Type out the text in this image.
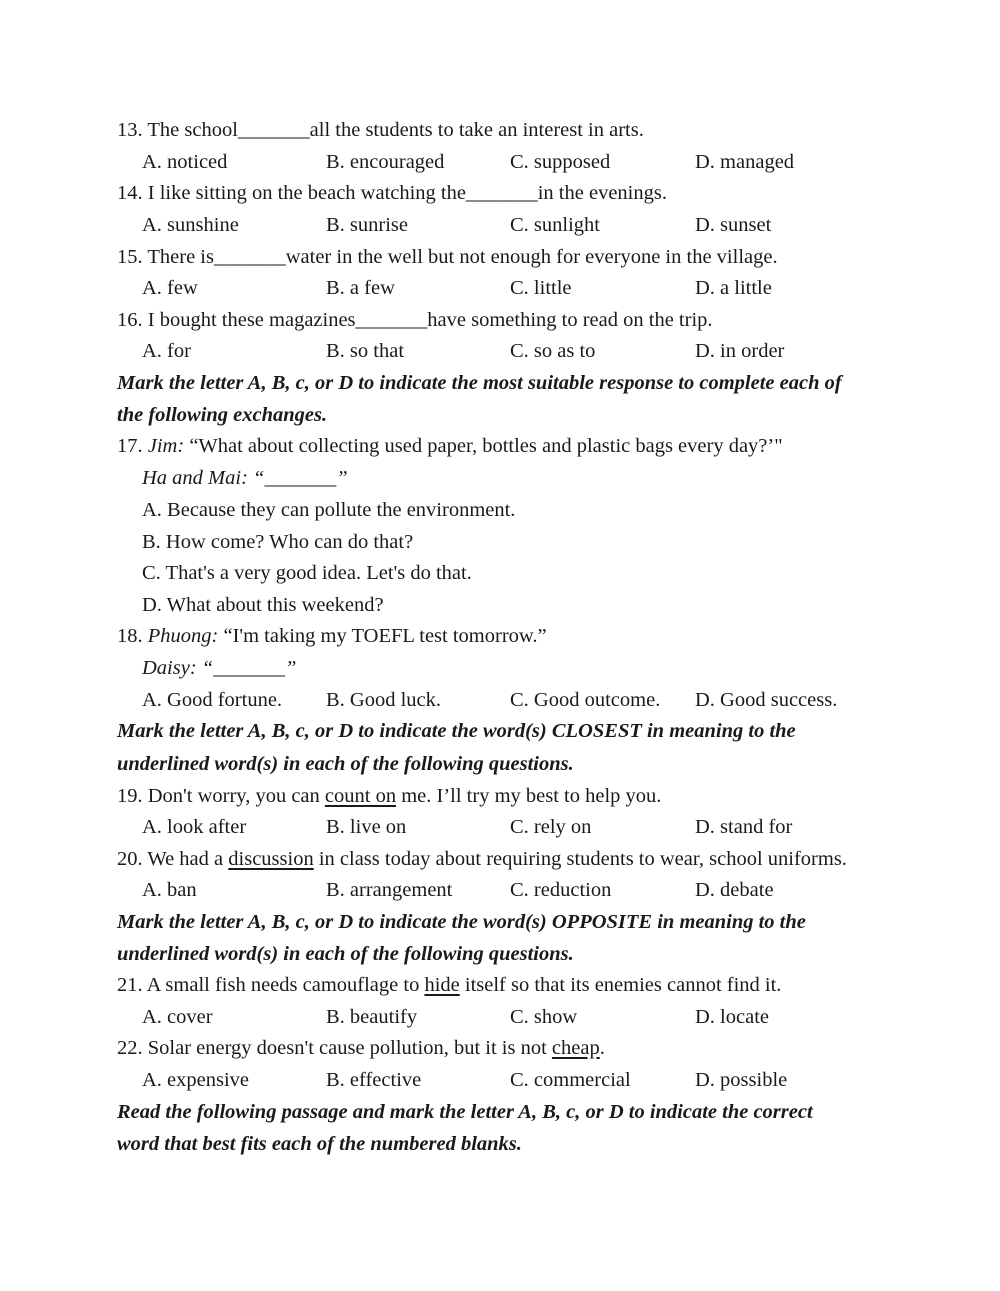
13. The school_______all the students to take an interest in arts.
A. noticed	B. encouraged	C. supposed	D. managed
14. I like sitting on the beach watching the_______in the evenings.
A. sunshine	B. sunrise	C. sunlight	D. sunset
15. There is_______water in the well but not enough for everyone in the village.
A. few	B. a few	C. little	D. a little
16. I bought these magazines_______have something to read on the trip.
A. for	B. so that	C. so as to	D. in order
Mark the letter A, B, c, or D to indicate the most suitable response to complete each of
the following exchanges.
17. Jim: “What about collecting used paper, bottles and plastic bags every day?’"
Ha and Mai: “_______”
A. Because they can pollute the environment.
B. How come? Who can do that?
C. That's a very good idea. Let's do that.
D. What about this weekend?
18. Phuong: “I'm taking my TOEFL test tomorrow.”
Daisy: “_______”
A. Good fortune. B. Good luck.	C. Good outcome. D. Good success.
Mark the letter A, B, c, or D to indicate the word(s) CLOSEST in meaning to the
underlined word(s) in each of the following questions.
19. Don't worry, you can count on me. I’ll try my best to help you.
A. look after	B. live on	C. rely on	D. stand for
20. We had a discussion in class today about requiring students to wear, school uniforms.
A. ban	B. arrangement	C. reduction	D. debate
Mark the letter A, B, c, or D to indicate the word(s) OPPOSITE in meaning to the
underlined word(s) in each of the following questions.
21. A small fish needs camouflage to hide itself so that its enemies cannot find it.
A. cover	B. beautify	C. show	D. locate
22. Solar energy doesn't cause pollution, but it is not cheap.
A. expensive	B. effective	C. commercial	D. possible
Read the following passage and mark the letter A, B, c, or D to indicate the correct
word that best fits each of the numbered blanks.
